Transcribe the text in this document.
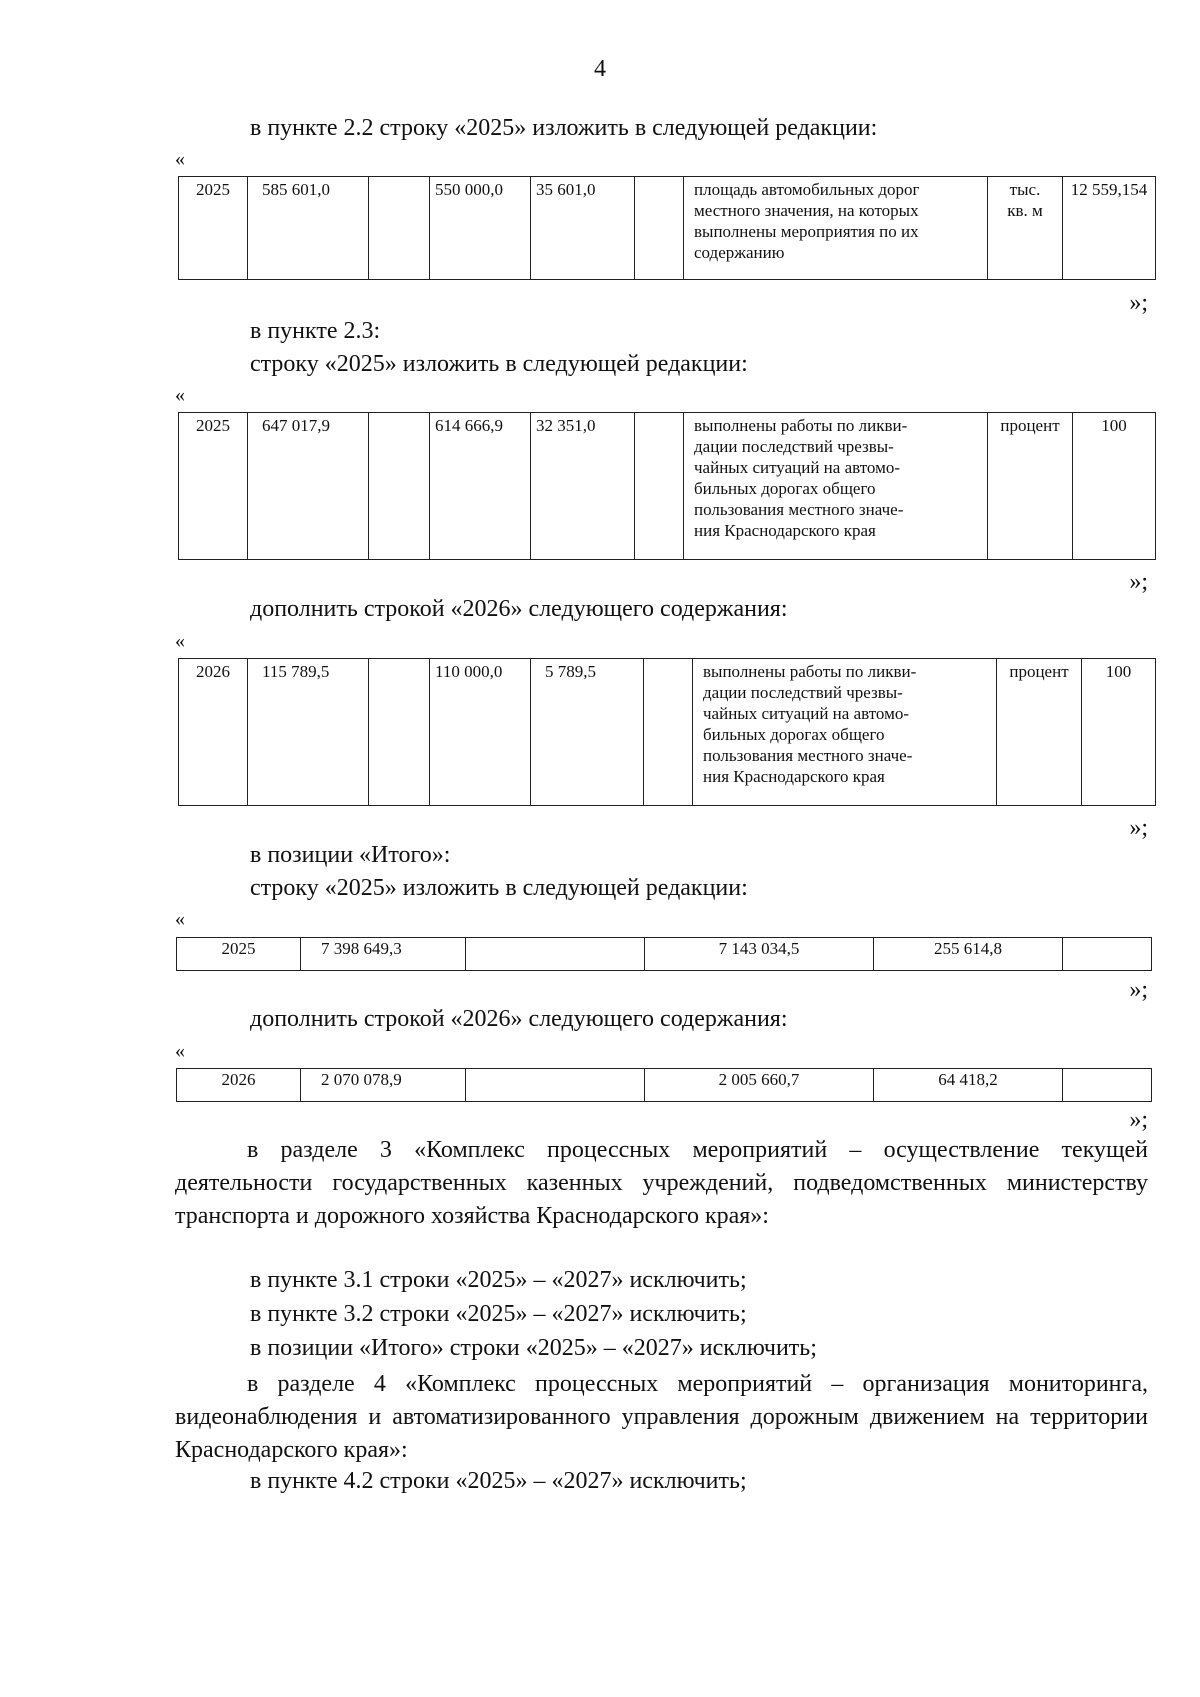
4
в пункте 2.2 строку «2025» изложить в следующей редакции:
«
2025	585 601,0		550 000,0	35 601,0		площадь автомобильных дорог
местного значения, на которых
выполнены мероприятия по их
содержанию

тыс.
кв. м
	12 559,154
»;
в пункте 2.3:
строку «2025» изложить в следующей редакции:
«
2025	647 017,9		614 666,9	32 351,0		выполнены работы по ликви-
дации последствий чрезвы-
чайных ситуаций на автомо-
бильных дорогах общего
пользования местного значе-
ния Краснодарского края
	процент	100
»;
дополнить строкой «2026» следующего содержания:
«
2026	115 789,5		110 000,0	5 789,5		выполнены работы по ликви-
дации последствий чрезвы-
чайных ситуаций на автомо-
бильных дорогах общего
пользования местного значе-
ния Краснодарского края
	процент	100
»;
в позиции «Итого»:
строку «2025» изложить в следующей редакции:
«
2025	7 398 649,3		7 143 034,5	255 614,8	
»;
дополнить строкой «2026» следующего содержания:
«
2026	2 070 078,9		2 005 660,7	64 418,2	
»;
в разделе 3 «Комплекс процессных мероприятий – осуществление текущей деятельности государственных казенных учреждений, подведомственных министерству транспорта и дорожного хозяйства Краснодарского края»:
в пункте 3.1 строки «2025» – «2027» исключить;
в пункте 3.2 строки «2025» – «2027» исключить;
в позиции «Итого» строки «2025» – «2027» исключить;
в разделе 4 «Комплекс процессных мероприятий – организация мониторинга, видеонаблюдения и автоматизированного управления дорожным движением на территории Краснодарского края»:
в пункте 4.2 строки «2025» – «2027» исключить;
